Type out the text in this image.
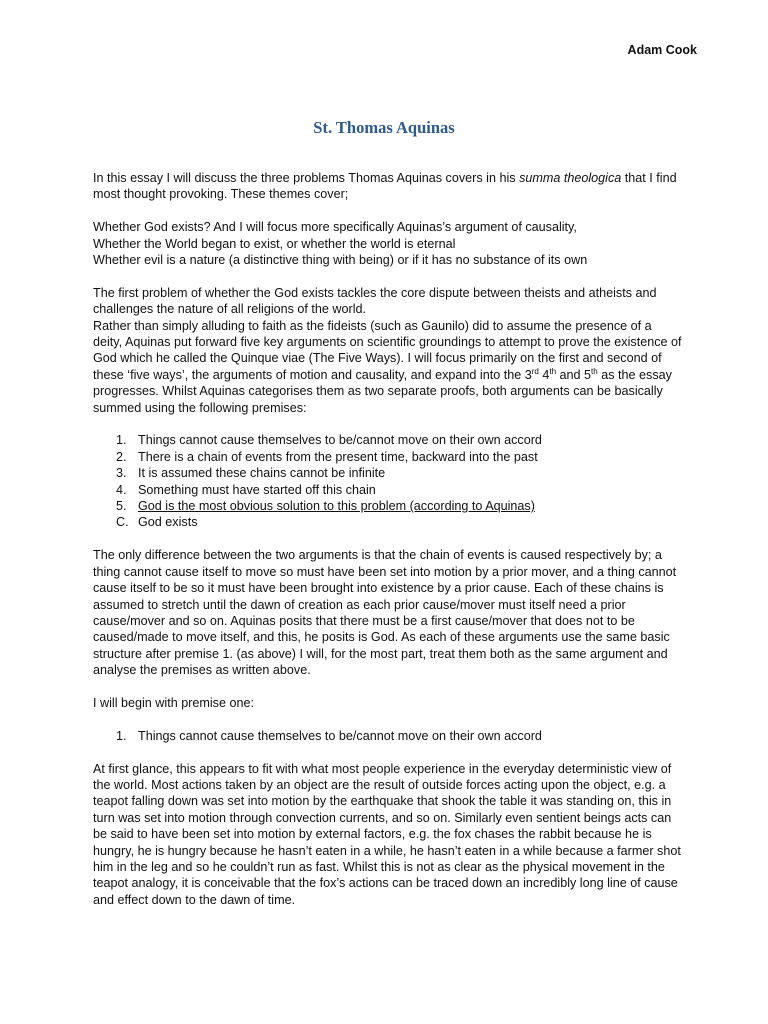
Adam Cook
St. Thomas Aquinas

In this essay I will discuss the three problems Thomas Aquinas covers in his summa theologica that I find most thought provoking. These themes cover;

Whether God exists? And I will focus more specifically Aquinas’s argument of causality,
Whether the World began to exist, or whether the world is eternal
Whether evil is a nature (a distinctive thing with being) or if it has no substance of its own

The first problem of whether the God exists tackles the core dispute between theists and atheists and challenges the nature of all religions of the world.

Rather than simply alluding to faith as the fideists (such as Gaunilo) did to assume the presence of a deity, Aquinas put forward five key arguments on scientific groundings to attempt to prove the existence of God which he called the Quinque viae (The Five Ways). I will focus primarily on the first and second of these ‘five ways’, the arguments of motion and causality, and expand into the 3rd 4th and 5th as the essay progresses. Whilst Aquinas categorises them as two separate proofs, both arguments can be basically summed using the following premises:

1. Things cannot cause themselves to be/cannot move on their own accord
2. There is a chain of events from the present time, backward into the past
3. It is assumed these chains cannot be infinite
4. Something must have started off this chain
5. God is the most obvious solution to this problem (according to Aquinas)
C. God exists

The only difference between the two arguments is that the chain of events is caused respectively by; a thing cannot cause itself to move so must have been set into motion by a prior mover, and a thing cannot cause itself to be so it must have been brought into existence by a prior cause. Each of these chains is assumed to stretch until the dawn of creation as each prior cause/mover must itself need a prior cause/mover and so on. Aquinas posits that there must be a first cause/mover that does not to be caused/made to move itself, and this, he posits is God. As each of these arguments use the same basic structure after premise 1. (as above) I will, for the most part, treat them both as the same argument and analyse the premises as written above.

I will begin with premise one:

1. Things cannot cause themselves to be/cannot move on their own accord

At first glance, this appears to fit with what most people experience in the everyday deterministic view of the world. Most actions taken by an object are the result of outside forces acting upon the object, e.g. a teapot falling down was set into motion by the earthquake that shook the table it was standing on, this in turn was set into motion through convection currents, and so on. Similarly even sentient beings acts can be said to have been set into motion by external factors, e.g. the fox chases the rabbit because he is hungry, he is hungry because he hasn’t eaten in a while, he hasn’t eaten in a while because a farmer shot him in the leg and so he couldn’t run as fast. Whilst this is not as clear as the physical movement in the teapot analogy, it is conceivable that the fox’s actions can be traced down an incredibly long line of cause and effect down to the dawn of time.
